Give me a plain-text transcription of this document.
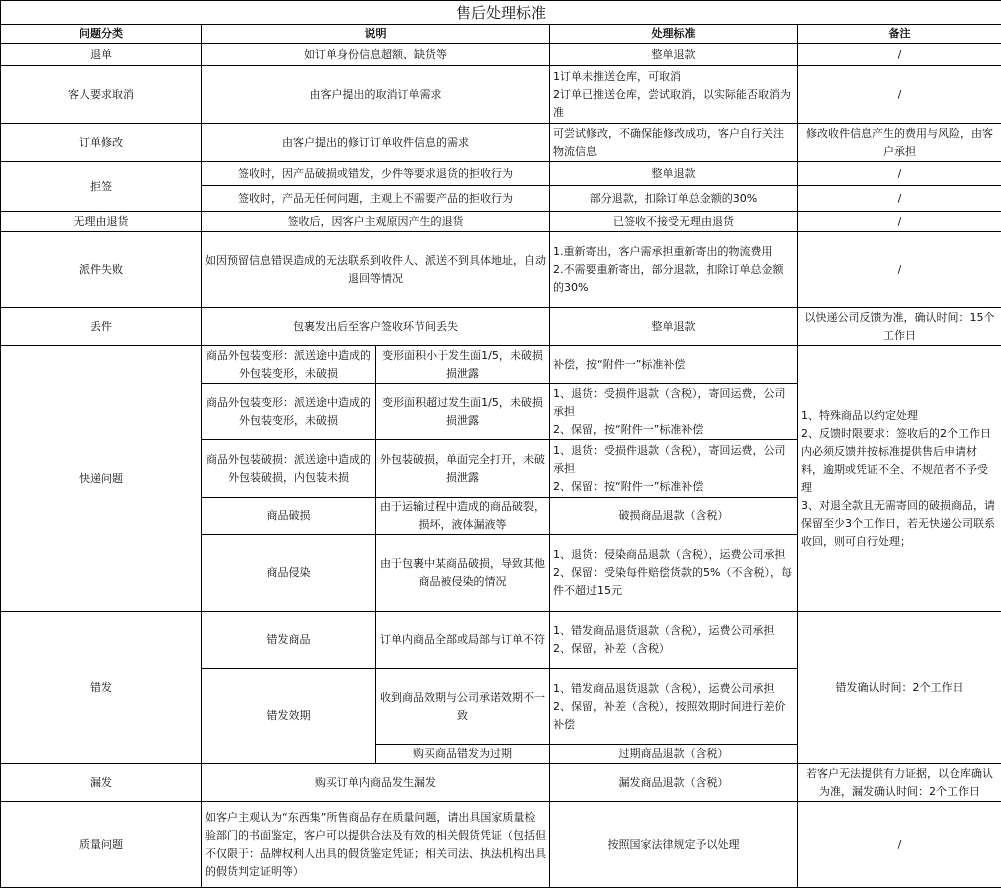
售后处理标准				
问题分类	说明		处理标准	备注
退单	如订单身份信息超额、缺货等		整单退款	/
客人要求取消	由客户提出的取消订单需求		1订单未推送仓库，可取消
2订单已推送仓库，尝试取消，以实际能否取消为准	/
订单修改	由客户提出的修订订单收件信息的需求		可尝试修改，不确保能修改成功，客户自行关注物流信息	修改收件信息产生的费用与风险，由客户承担
拒签	签收时，因产品破损或错发，少件等要求退货的拒收行为		整单退款	/
	签收时，产品无任何问题，主观上不需要产品的拒收行为		部分退款，扣除订单总金额的30%	/
无理由退货	签收后，因客户主观原因产生的退货		已签收不接受无理由退货	/
派件失败	如因预留信息错误造成的无法联系到收件人、派送不到具体地址，自动退回等情况		1.重新寄出，客户需承担重新寄出的物流费用
2.不需要重新寄出，部分退款，扣除订单总金额的30%	/
丢件	包裹发出后至客户签收环节间丢失		整单退款	以快递公司反馈为准，确认时间：15个工作日
快递问题	商品外包装变形：派送途中造成的外包装变形，未破损	变形面积小于发生面1/5，未破损损泄露	补偿，按“附件一”标准补偿	1、特殊商品以约定处理
2、反馈时限要求：签收后的2个工作日内必须反馈并按标准提供售后申请材料，逾期或凭证不全、不规范者不予受理
3、对退全款且无需寄回的破损商品，请保留至少3个工作日，若无快递公司联系收回，则可自行处理；
	商品外包装变形：派送途中造成的外包装变形，未破损	变形面积超过发生面1/5，未破损损泄露	1、退货：受损件退款（含税），寄回运费，公司承担
2、保留，按“附件一”标准补偿	
	商品外包装破损：派送途中造成的外包装破损，内包装未损	外包装破损，单面完全打开，未破损泄露	1、退货：受损件退款（含税），寄回运费，公司承担
2、保留：按“附件一”标准补偿	
	商品破损	由于运输过程中造成的商品破裂，损坏，液体漏液等	破损商品退款（含税）	
	商品侵染	由于包裹中某商品破损，导致其他商品被侵染的情况	1、退货：侵染商品退款（含税），运费公司承担
2、保留：受染每件赔偿货款的5%（不含税），每件不超过15元	
错发	错发商品	订单内商品全部或局部与订单不符	1、错发商品退货退款（含税），运费公司承担
2、保留，补差（含税）	错发确认时间：2个工作日
	错发效期	收到商品效期与公司承诺效期不一致	1、错发商品退货退款（含税），运费公司承担
2、保留，补差（含税），按照效期时间进行差价补偿	
		购买商品错发为过期	过期商品退款（含税）	
漏发	购买订单内商品发生漏发		漏发商品退款（含税）	若客户无法提供有力证据，以仓库确认为准，漏发确认时间：2个工作日
质量问题	如客户主观认为“东西集”所售商品存在质量问题，请出具国家质量检验部门的书面鉴定，客户可以提供合法及有效的相关假货凭证（包括但不仅限于：品牌权利人出具的假货鉴定凭证；相关司法、执法机构出具的假货判定证明等）		按照国家法律规定予以处理	/
